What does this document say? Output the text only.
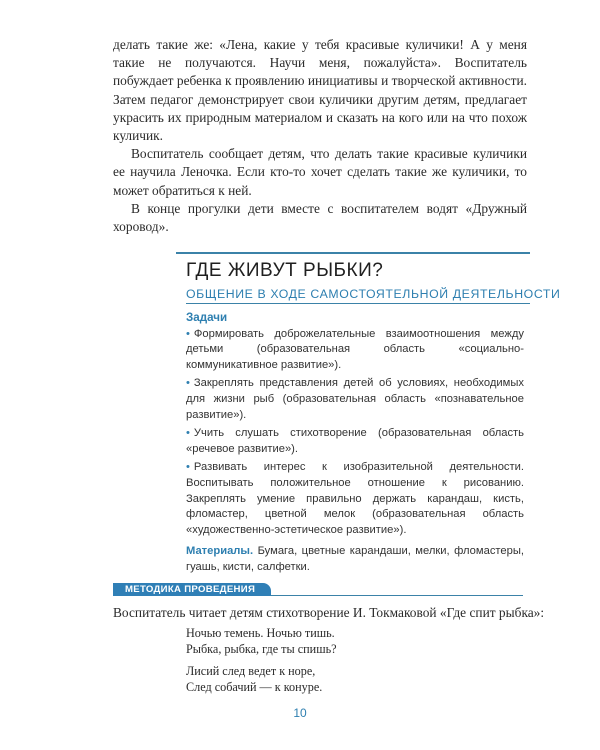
делать такие же: «Лена, какие у тебя красивые куличики! А у меня такие не получаются. Научи меня, пожалуйста». Воспитатель побуждает ребенка к проявлению инициативы и творческой активности. Затем педагог демонстрирует свои куличики другим детям, предлагает украсить их природным материалом и сказать на кого или на что похож куличик.

Воспитатель сообщает детям, что делать такие красивые куличики ее научила Леночка. Если кто-то хочет сделать такие же куличики, то может обратиться к ней.

В конце прогулки дети вместе с воспитателем водят «Дружный хоровод».

ГДЕ ЖИВУТ РЫБКИ?
ОБЩЕНИЕ В ХОДЕ САМОСТОЯТЕЛЬНОЙ ДЕЯТЕЛЬНОСТИ
Задачи
• Формировать доброжелательные взаимоотношения между детьми (образовательная область «социально-коммуникативное развитие»).
• Закреплять представления детей об условиях, необходимых для жизни рыб (образовательная область «познавательное развитие»).
• Учить слушать стихотворение (образовательная область «речевое развитие»).
• Развивать интерес к изобразительной деятельности. Воспитывать положительное отношение к рисованию. Закреплять умение правильно держать карандаш, кисть, фломастер, цветной мелок (образовательная область «художественно-эстетическое развитие»).
Материалы. Бумага, цветные карандаши, мелки, фломастеры, гуашь, кисти, салфетки.
МЕТОДИКА ПРОВЕДЕНИЯ
Воспитатель читает детям стихотворение И. Токмаковой «Где спит рыбка»:
Ночью темень. Ночью тишь.
Рыбка, рыбка, где ты спишь?
Лисий след ведет к норе,
След собачий — к конуре.
10
